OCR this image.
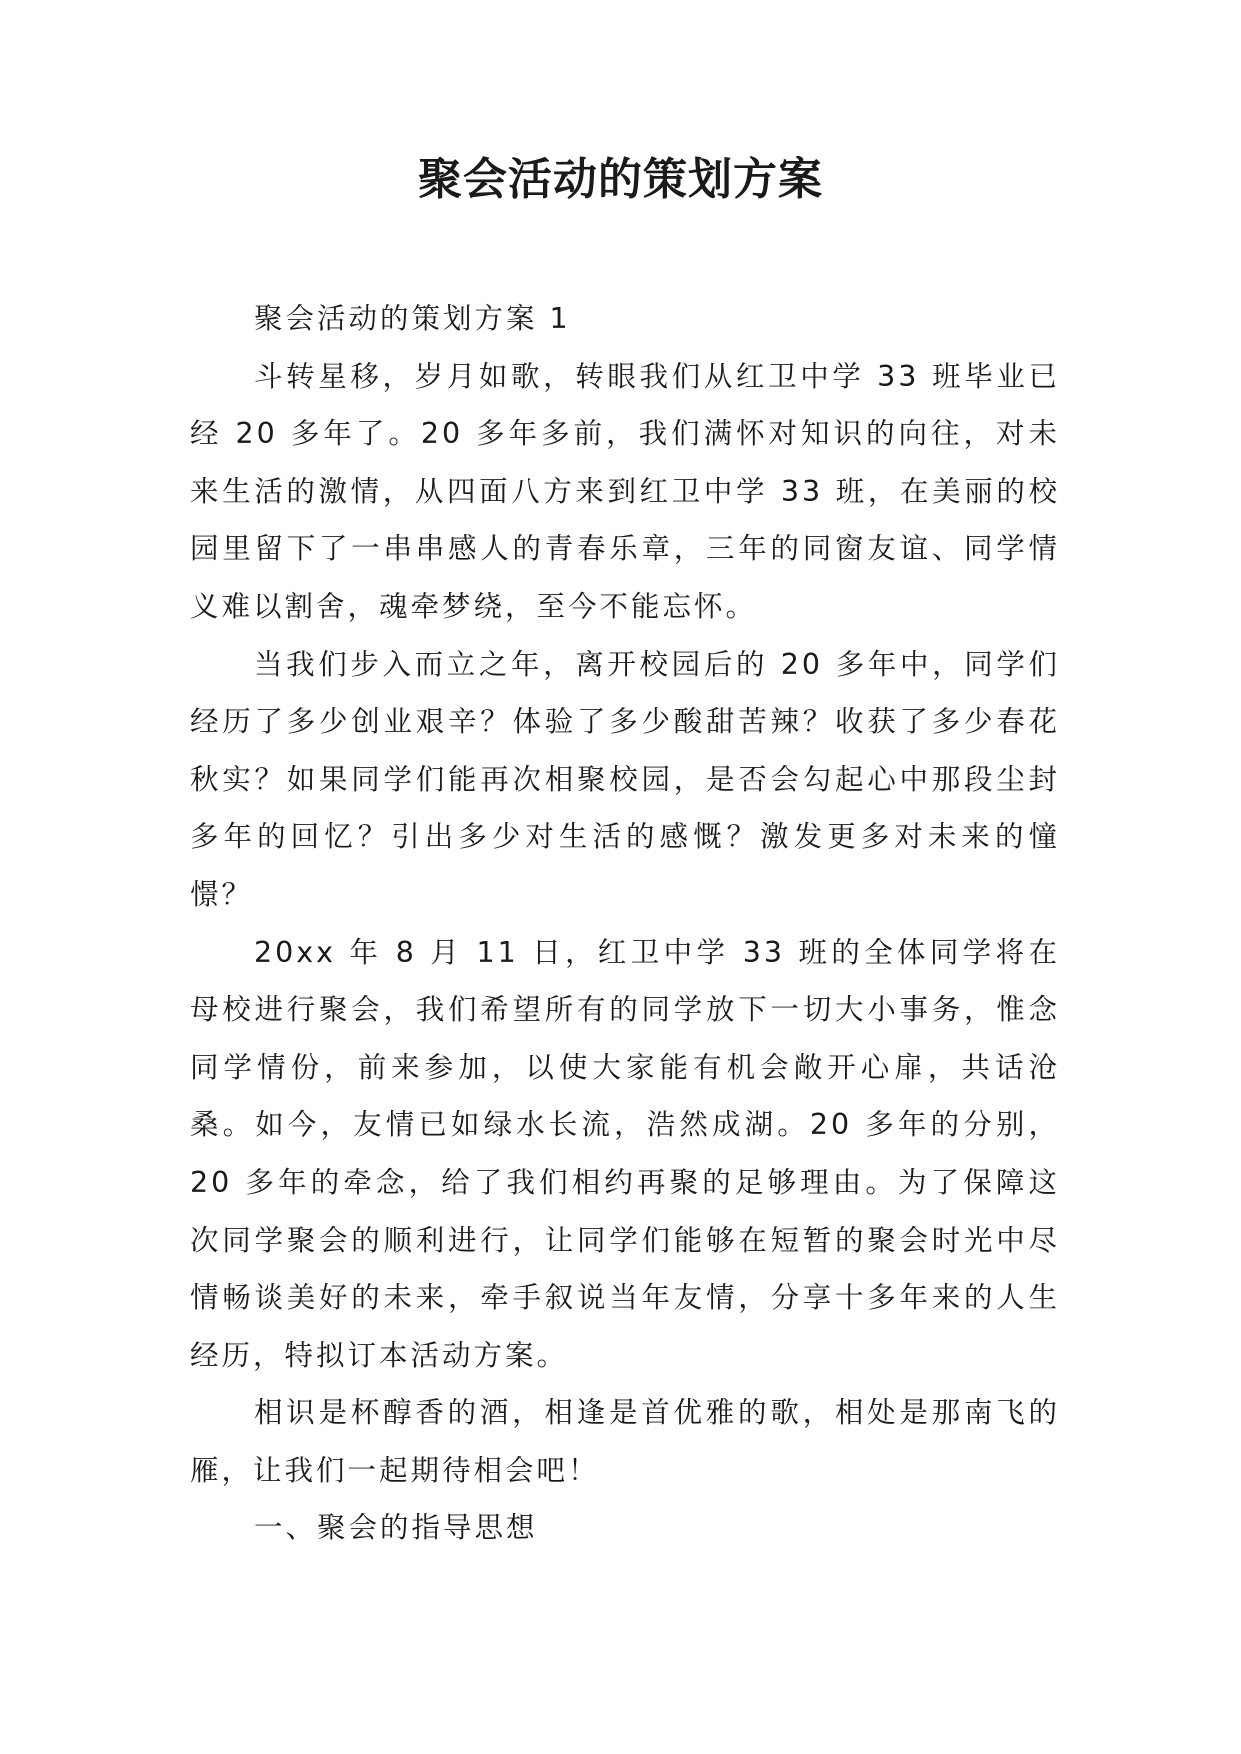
聚会活动的策划方案

聚会活动的策划方案 1

斗转星移，岁月如歌，转眼我们从红卫中学 33 班毕业已经 20 多年了。20 多年多前，我们满怀对知识的向往，对未来生活的激情，从四面八方来到红卫中学 33 班，在美丽的校园里留下了一串串感人的青春乐章，三年的同窗友谊、同学情义难以割舍，魂牵梦绕，至今不能忘怀。

当我们步入而立之年，离开校园后的 20 多年中，同学们经历了多少创业艰辛？体验了多少酸甜苦辣？收获了多少春花秋实？如果同学们能再次相聚校园，是否会勾起心中那段尘封多年的回忆？引出多少对生活的感慨？激发更多对未来的憧憬？

20xx 年 8 月 11 日，红卫中学 33 班的全体同学将在母校进行聚会，我们希望所有的同学放下一切大小事务，惟念同学情份，前来参加，以使大家能有机会敞开心扉，共话沧桑。如今，友情已如绿水长流，浩然成湖。20 多年的分别，20 多年的牵念，给了我们相约再聚的足够理由。为了保障这次同学聚会的顺利进行，让同学们能够在短暂的聚会时光中尽情畅谈美好的未来，牵手叙说当年友情，分享十多年来的人生经历，特拟订本活动方案。

相识是杯醇香的酒，相逢是首优雅的歌，相处是那南飞的雁，让我们一起期待相会吧！

一、聚会的指导思想
